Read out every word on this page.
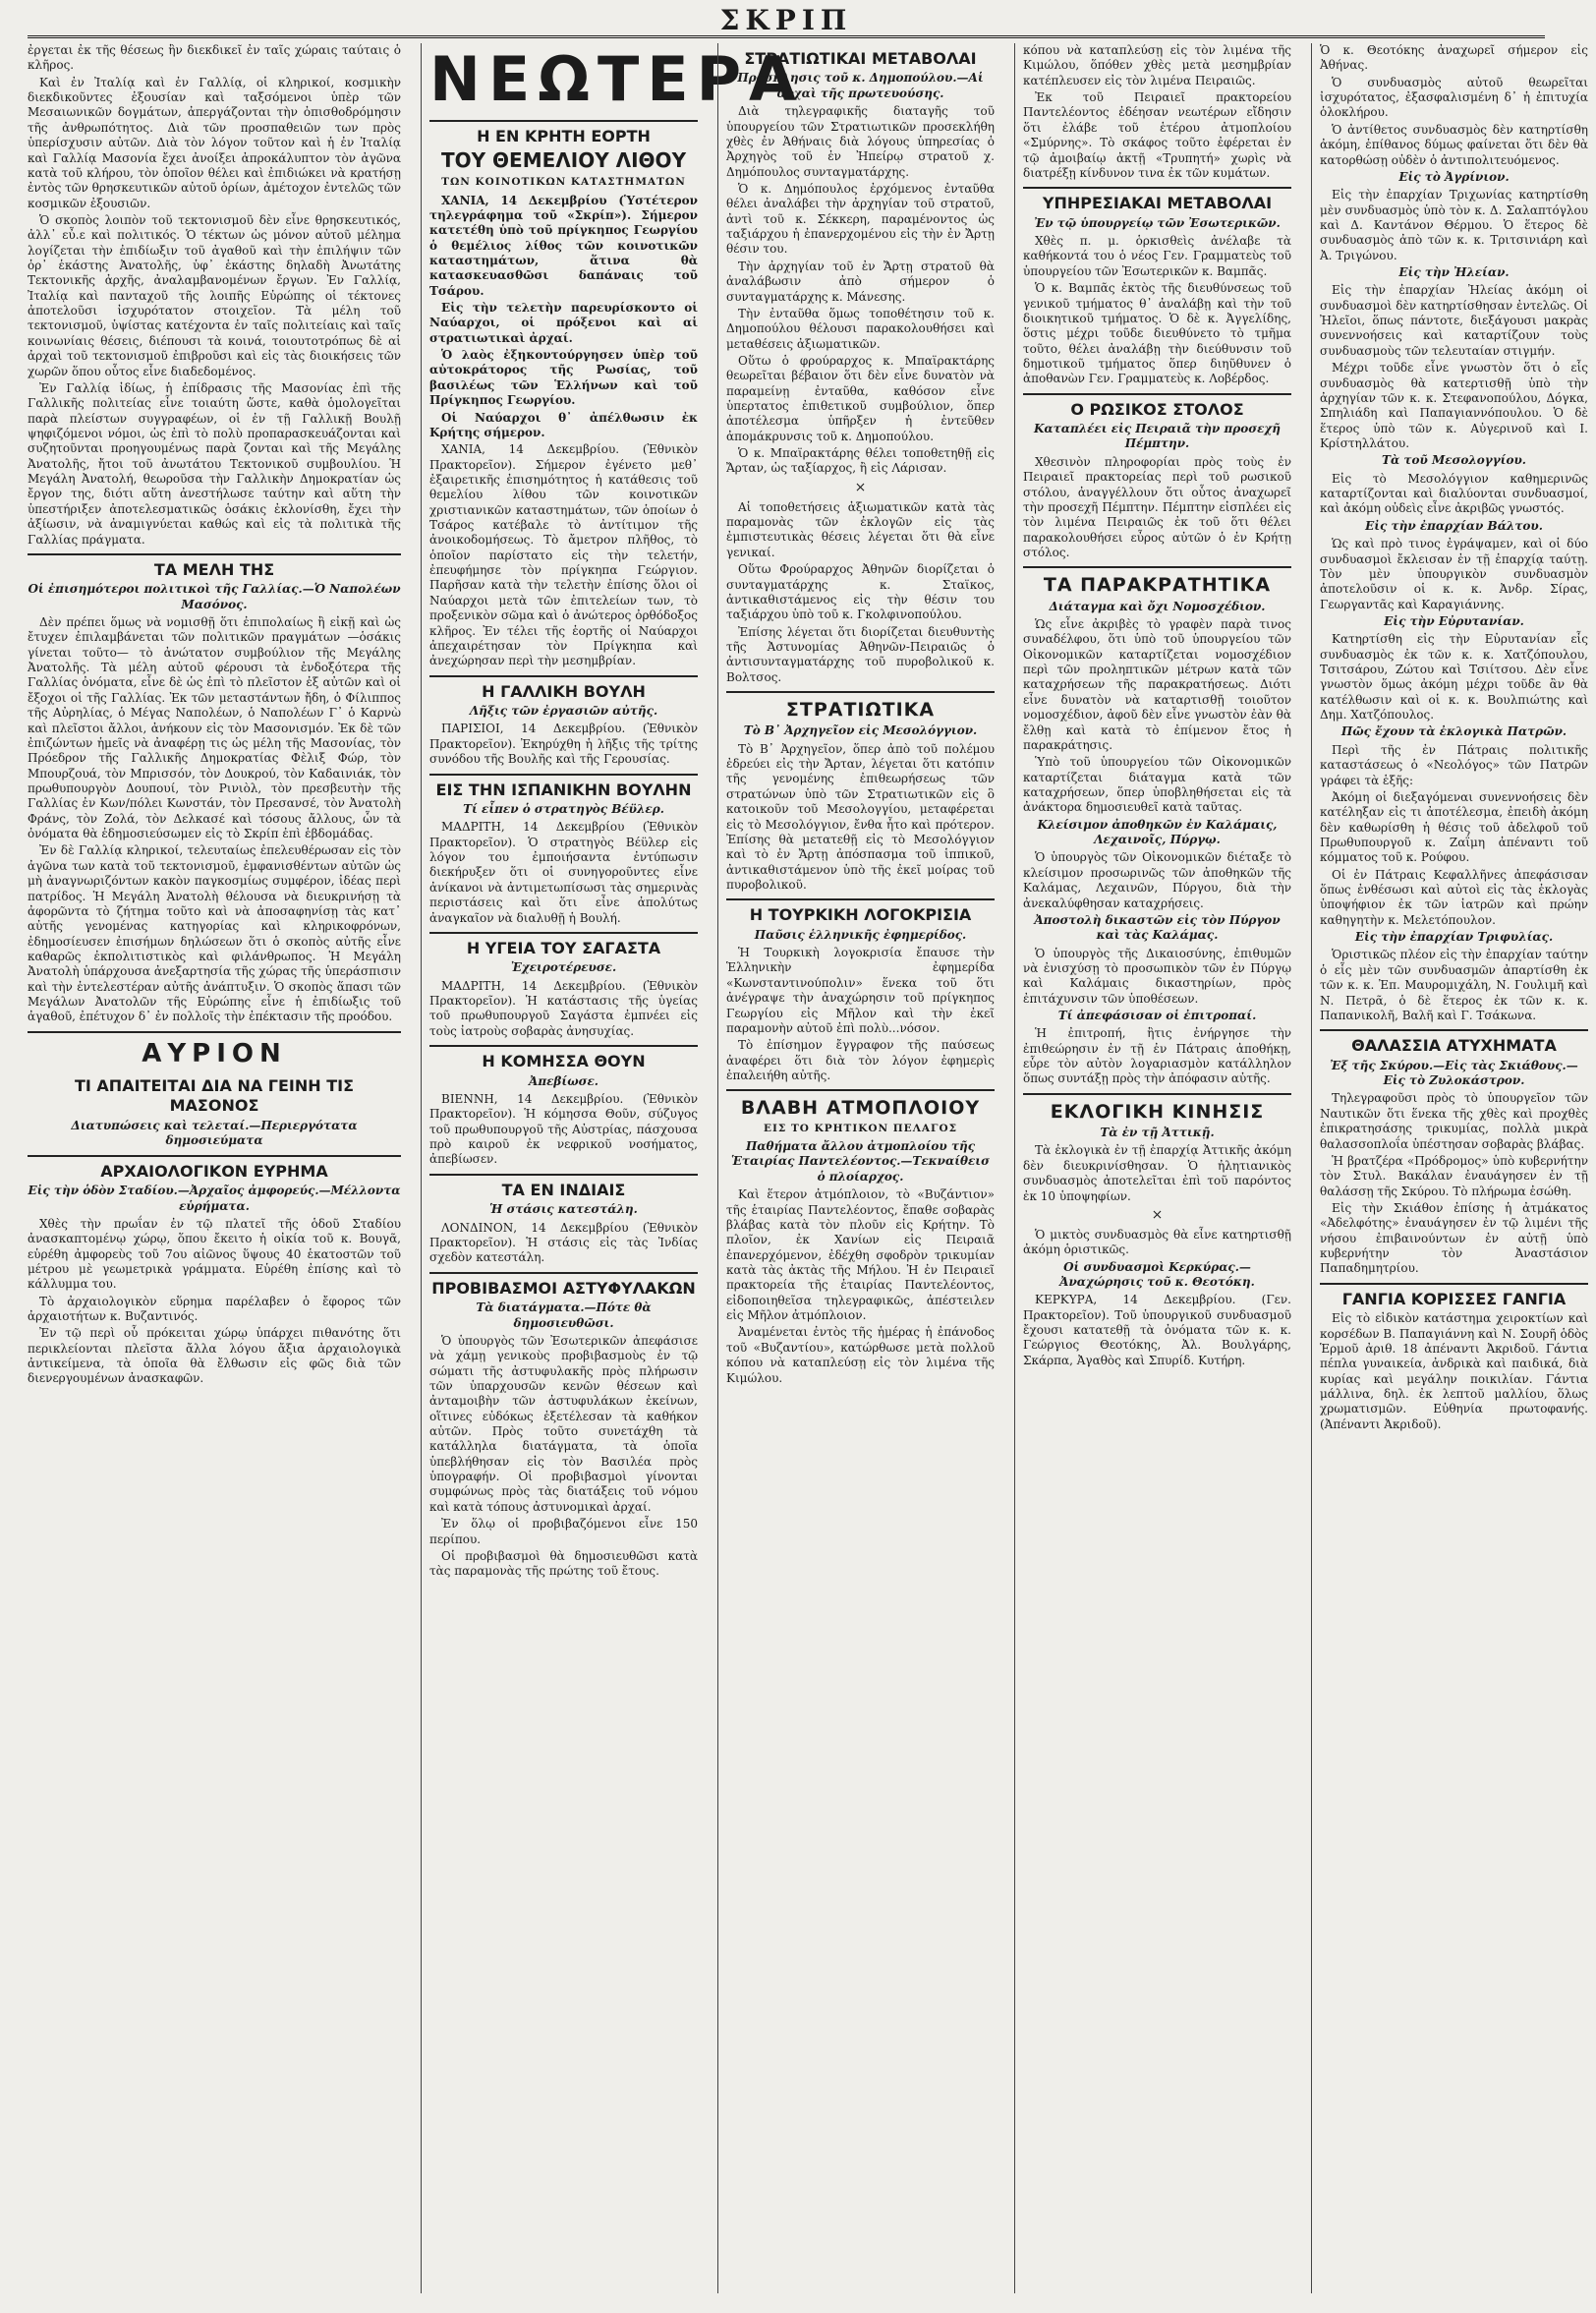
ΣΚΡΙΠ

ἐργεται ἐκ τῆς θέσεως ἣν διεκδικεῖ ἐν ταῖς χώραις ταύταις ὁ κλῆρος.

Καὶ ἐν Ἰταλίᾳ καὶ ἐν Γαλλίᾳ, οἱ κληρικοί, κοσμικὴν διεκδικοῦντες ἐξουσίαν καὶ ταξσόμενοι ὑπὲρ τῶν Μεσαιωνικῶν δογμάτων, ἀπεργάζονται τὴν ὀπισθοδρόμησιν τῆς ἀνθρωπότητος. Διὰ τῶν προσπαθειῶν των πρὸς ὑπερίσχυσιν αὐτῶν. Διὰ τὸν λόγον τοῦτον καὶ ἡ ἐν Ἰταλίᾳ καὶ Γαλλίᾳ Μασονία ἔχει ἀνοίξει ἀπροκάλυπτον τὸν ἀγῶνα κατὰ τοῦ κλήρου, τὸν ὁποῖον θέλει καὶ ἐπιδιώκει νὰ κρατήσῃ ἐντὸς τῶν θρησκευτικῶν αὐτοῦ ὁρίων, ἀμέτοχον ἐντελῶς τῶν κοσμικῶν ἐξουσιῶν.

Ὁ σκοπὸς λοιπὸν τοῦ τεκτονισμοῦ δὲν εἶνε θρησκευτικός, ἀλλ᾽ εὖ.ε καὶ πολιτικός. Ὁ τέκτων ὡς μόνον αὐτοῦ μέλημα λογίζεται τὴν ἐπιδίωξιν τοῦ ἀγαθοῦ καὶ τὴν ἐπιλήψιν τῶν ὁρ᾽ ἑκάστης Ἀνατολῆς, ὑφ᾽ ἑκάστης δηλαδὴ Ἀνωτάτης Τεκτονικῆς ἀρχῆς, ἀναλαμβανομένων ἔργων. Ἐν Γαλλίᾳ, Ἰταλίᾳ καὶ πανταχοῦ τῆς λοιπῆς Εὐρώπης οἱ τέκτονες ἀποτελοῦσι ἰσχυρότατον στοιχεῖον. Τὰ μέλη τοῦ τεκτονισμοῦ, ὑψίστας κατέχοντα ἐν ταῖς πολιτείαις καὶ ταῖς κοινωνίαις θέσεις, διέπουσι τὰ κοινά, τοιουτοτρόπως δὲ αἱ ἀρχαὶ τοῦ τεκτονισμοῦ ἐπιβροῦσι καὶ εἰς τὰς διοικήσεις τῶν χωρῶν ὅπου οὗτος εἶνε διαδεδομένος.

Ἐν Γαλλίᾳ ἰδίως, ἡ ἐπίδρασις τῆς Μασονίας ἐπὶ τῆς Γαλλικῆς πολιτείας εἶνε τοιαύτη ὥστε, καθὰ ὁμολογεῖται παρὰ πλείστων συγγραφέων, οἱ ἐν τῇ Γαλλικῇ Βουλῇ ψηφιζόμενοι νόμοι, ὡς ἐπὶ τὸ πολὺ προπαρασκευάζονται καὶ συζητοῦνται προηγουμένως παρὰ ζονται καὶ τῆς Μεγάλης Ἀνατολῆς, ἤτοι τοῦ ἀνωτάτου Τεκτονικοῦ συμβουλίου. Ἡ Μεγάλη Ἀνατολή, θεωροῦσα τὴν Γαλλικὴν Δημοκρατίαν ὡς ἔργον της, διότι αὕτη ἀνεστήλωσε ταύτην καὶ αὕτη τὴν ὑπεστήριξεν ἀποτελεσματικῶς ὁσάκις ἐκλονίσθη, ἔχει τὴν ἀξίωσιν, νὰ ἀναμιγνύεται καθώς καὶ εἰς τὰ πολιτικὰ τῆς Γαλλίας πράγματα.

ΤΑ ΜΕΛΗ ΤΗΣ
Οἱ ἐπισημότεροι πολιτικοὶ τῆς Γαλλίας.—Ὁ Ναπολέων Μασόνος.

Δὲν πρέπει ὅμως νὰ νομισθῇ ὅτι ἐπιπολαίως ἢ εἰκῇ καὶ ὡς ἔτυχεν ἐπιλαμβάνεται τῶν πολιτικῶν πραγμάτων —ὁσάκις γίνεται τοῦτο— τὸ ἀνώτατον συμβούλιον τῆς Μεγάλης Ἀνατολῆς. Τὰ μέλη αὐτοῦ φέρουσι τὰ ἐνδοξότερα τῆς Γαλλίας ὀνόματα, εἶνε δὲ ὡς ἐπὶ τὸ πλεῖστον ἐξ αὐτῶν καὶ οἱ ἔξοχοι οἱ τῆς Γαλλίας. Ἐκ τῶν μεταστάντων ἤδη, ὁ Φίλιππος τῆς Αὐρηλίας, ὁ Μέγας Ναπολέων, ὁ Ναπολέων Γ᾽ ὁ Καρνὼ καὶ πλεῖστοι ἄλλοι, ἀνήκουν εἰς τὸν Μασονισμόν. Ἐκ δὲ τῶν ἐπιζώντων ἡμεῖς νὰ ἀναφέρῃ τις ὡς μέλη τῆς Μασονίας, τὸν Πρόεδρον τῆς Γαλλικῆς Δημοκρατίας Φὲλιξ Φώρ, τὸν Μπουρζουά, τὸν Μπρισσόν, τὸν Δουκρού, τὸν Καδαινιάκ, τὸν πρωθυπουργὸν Δουπουί, τὸν Ρινιὸλ, τὸν πρεσβευτὴν τῆς Γαλλίας ἐν Κων/πόλει Κωνστάν, τὸν Πρεσανσέ, τὸν Ἀνατολὴ Φράνς, τὸν Ζολά, τὸν Δελκασέ καὶ τόσους ἄλλους, ὧν τὰ ὀνόματα θὰ ἐδημοσιεύσωμεν εἰς τὸ Σκρίπ ἐπὶ ἑβδομάδας.

Ἐν δὲ Γαλλίᾳ κληρικοί, τελευταίως ἐπελευθέρωσαν εἰς τὸν ἀγῶνα των κατὰ τοῦ τεκτονισμοῦ, ἐμφανισθέντων αὐτῶν ὡς μὴ ἀναγνωριζόντων κακὸν παγκοσμίως συμφέρον, ἰδέας περὶ πατρίδος. Ἡ Μεγάλη Ἀνατολὴ θέλουσα νὰ διευκρινήσῃ τὰ ἀφορῶντα τὸ ζήτημα τοῦτο καὶ νὰ ἀποσαφηνίσῃ τὰς κατ᾽ αὐτῆς γενομένας κατηγορίας καὶ κληρικοφρόνων, ἐδημοσίευσεν ἐπισήμων δηλώσεων ὅτι ὁ σκοπὸς αὐτῆς εἶνε καθαρῶς ἐκπολιτιστικὸς καὶ φιλάνθρωπος. Ἡ Μεγάλη Ἀνατολὴ ὑπάρχουσα ἀνεξαρτησία τῆς χώρας τῆς ὑπεράσπισιν καὶ τὴν ἐντελεστέραν αὐτῆς ἀνάπτυξιν. Ὁ σκοπὸς ἅπασι τῶν Μεγάλων Ἀνατολῶν τῆς Εὐρώπης εἶνε ἡ ἐπιδίωξις τοῦ ἀγαθοῦ, ἐπέτυχον δ᾽ ἐν πολλοῖς τὴν ἐπέκτασιν τῆς προόδου.

ΑΥΡΙΟΝ
ΤΙ ΑΠΑΙΤΕΙΤΑΙ ΔΙΑ ΝΑ ΓΕΙΝΗ ΤΙΣ ΜΑΣΟΝΟΣ
Διατυπώσεις καὶ τελεταί.—Περιεργότατα δημοσιεύματα
ΑΡΧΑΙΟΛΟΓΙΚΟΝ ΕΥΡΗΜΑ
Εἰς τὴν ὁδὸν Σταδίου.—Ἀρχαῖος ἀμφορεύς.—Μέλλοντα εὑρήματα.

Χθὲς τὴν πρωΐαν ἐν τῷ πλατεῖ τῆς ὁδοῦ Σταδίου ἀνασκαπτομένῳ χώρῳ, ὅπου ἔκειτο ἡ οἰκία τοῦ κ. Βουγᾶ, εὑρέθη ἀμφορεὺς τοῦ 7ου αἰῶνος ὕψους 40 ἑκατοστῶν τοῦ μέτρου μὲ γεωμετρικὰ γράμματα. Εὑρέθη ἐπίσης καὶ τὸ κάλλυμμα του.

Τὸ ἀρχαιολογικὸν εὕρημα παρέλαβεν ὁ ἔφορος τῶν ἀρχαιοτήτων κ. Βυζαντινός.

Ἐν τῷ περὶ οὗ πρόκειται χώρῳ ὑπάρχει πιθανότης ὅτι περικλείονται πλεῖστα ἄλλα λόγου ἄξια ἀρχαιολογικὰ ἀντικείμενα, τὰ ὁποῖα θὰ ἔλθωσιν εἰς φῶς διὰ τῶν διενεργουμένων ἀνασκαφῶν.

ΝΕΩΤΕΡΑ
Η ΕΝ ΚΡΗΤΗ ΕΟΡΤΗ
ΤΟΥ ΘΕΜΕΛΙΟΥ ΛΙΘΟΥ
ΤΩΝ ΚΟΙΝΟΤΙΚΩΝ ΚΑΤΑΣΤΗΜΑΤΩΝ

ΧΑΝΙΑ, 14 Δεκεμβρίου (Ὑστέτερον τηλεγράφημα τοῦ «Σκρίπ»). Σήμερον κατετέθη ὑπὸ τοῦ πρίγκηπος Γεωργίου ὁ θεμέλιος λίθος τῶν κοινοτικῶν καταστημάτων, ἅτινα θὰ κατασκευασθῶσι δαπάναις τοῦ Τσάρου.

Εἰς τὴν τελετὴν παρευρίσκοντο οἱ Ναύαρχοι, οἱ πρόξενοι καὶ αἱ στρατιωτικαὶ ἀρχαί.

Ὁ λαὸς ἐξηκοντούργησεν ὑπὲρ τοῦ αὐτοκράτορος τῆς Ρωσίας, τοῦ βασιλέως τῶν Ἑλλήνων καὶ τοῦ Πρίγκηπος Γεωργίου.

Οἱ Ναύαρχοι θ᾽ ἀπέλθωσιν ἐκ Κρήτης σήμερον.

ΧΑΝΙΑ, 14 Δεκεμβρίου. (Ἐθνικὸν Πρακτορεῖον). Σήμερον ἐγένετο μεθ᾽ ἐξαιρετικῆς ἐπισημότητος ἡ κατάθεσις τοῦ θεμελίου λίθου τῶν κοινοτικῶν χριστιανικῶν καταστημάτων, τῶν ὁποίων ὁ Τσάρος κατέβαλε τὸ ἀντίτιμον τῆς ἀνοικοδομήσεως. Τὸ ἄμετρον πλῆθος, τὸ ὁποῖον παρίστατο εἰς τὴν τελετήν, ἐπευφήμησε τὸν πρίγκηπα Γεώργιον. Παρῆσαν κατὰ τὴν τελετὴν ἐπίσης ὅλοι οἱ Ναύαρχοι μετὰ τῶν ἐπιτελείων των, τὸ προξενικὸν σῶμα καὶ ὁ ἀνώτερος ὀρθόδοξος κλῆρος. Ἐν τέλει τῆς ἑορτῆς οἱ Ναύαρχοι ἀπεχαιρέτησαν τὸν Πρίγκηπα καὶ ἀνεχώρησαν περὶ τὴν μεσημβρίαν.

Η ΓΑΛΛΙΚΗ ΒΟΥΛΗ
Λῆξις τῶν ἐργασιῶν αὐτῆς.

ΠΑΡΙΣΙΟΙ, 14 Δεκεμβρίου. (Ἐθνικὸν Πρακτορεῖον). Ἐκηρύχθη ἡ λῆξις τῆς τρίτης συνόδου τῆς Βουλῆς καὶ τῆς Γερουσίας.

ΕΙΣ ΤΗΝ ΙΣΠΑΝΙΚΗΝ ΒΟΥΛΗΝ
Τί εἶπεν ὁ στρατηγὸς Βέϋλερ.

ΜΑΔΡΙΤΗ, 14 Δεκεμβρίου (Ἐθνικὸν Πρακτορεῖον). Ὁ στρατηγὸς Βέϋλερ εἰς λόγον του ἐμποιήσαντα ἐντύπωσιν διεκήρυξεν ὅτι οἱ συνηγοροῦντες εἶνε ἀνίκανοι νὰ ἀντιμετωπίσωσι τὰς σημερινὰς περιστάσεις καὶ ὅτι εἶνε ἀπολύτως ἀναγκαῖον νὰ διαλυθῇ ἡ Βουλή.

Η ΥΓΕΙΑ ΤΟΥ ΣΑΓΑΣΤΑ
Ἐχειροτέρευσε.

ΜΑΔΡΙΤΗ, 14 Δεκεμβρίου. (Ἐθνικὸν Πρακτορεῖον). Ἡ κατάστασις τῆς ὑγείας τοῦ πρωθυπουργοῦ Σαγάστα ἐμπνέει εἰς τοὺς ἰατροὺς σοβαρὰς ἀνησυχίας.

Η ΚΟΜΗΣΣΑ ΘΟΥΝ
Ἀπεβίωσε.

ΒΙΕΝΝΗ, 14 Δεκεμβρίου. (Ἐθνικὸν Πρακτορεῖον). Ἡ κόμησσα Θοῦν, σύζυγος τοῦ πρωθυπουργοῦ τῆς Αὐστρίας, πάσχουσα πρὸ καιροῦ ἐκ νεφρικοῦ νοσήματος, ἀπεβίωσεν.

ΤΑ ΕΝ ΙΝΔΙΑΙΣ
Ἡ στάσις κατεστάλη.

ΛΟΝΔΙΝΟΝ, 14 Δεκεμβρίου (Ἐθνικὸν Πρακτορεῖον). Ἡ στάσις εἰς τὰς Ἰνδίας σχεδὸν κατεστάλη.

ΠΡΟΒΙΒΑΣΜΟΙ ΑΣΤΥΦΥΛΑΚΩΝ
Τὰ διατάγματα.—Πότε θὰ δημοσιευθῶσι.

Ὁ ὑπουργὸς τῶν Ἐσωτερικῶν ἀπεφάσισε νὰ χάμῃ γενικοὺς προβιβασμοὺς ἐν τῷ σώματι τῆς ἀστυφυλακῆς πρὸς πλήρωσιν τῶν ὑπαρχουσῶν κενῶν θέσεων καὶ ἀνταμοιβὴν τῶν ἀστυφυλάκων ἐκείνων, οἵτινες εὐδόκως ἐξετέλεσαν τὰ καθήκον αὐτῶν. Πρὸς τοῦτο συνετάχθη τὰ κατάλληλα διατάγματα, τὰ ὁποῖα ὑπεβλήθησαν εἰς τὸν Βασιλέα πρὸς ὑπογραφήν. Οἱ προβιβασμοὶ γίνονται συμφώνως πρὸς τὰς διατάξεις τοῦ νόμου καὶ κατὰ τόπους ἀστυνομικαὶ ἀρχαί.

Ἐν ὅλῳ οἱ προβιβαζόμενοι εἶνε 150 περίπου.

Οἱ προβιβασμοὶ θὰ δημοσιευθῶσι κατὰ τὰς παραμονὰς τῆς πρώτης τοῦ ἔτους.

ΣΤΡΑΤΙΩΤΙΚΑΙ ΜΕΤΑΒΟΛΑΙ
Πρόσκλησις τοῦ κ. Δημοπούλου.—Αἱ ἀρχαὶ τῆς πρωτευούσης.

Διὰ τηλεγραφικῆς διαταγῆς τοῦ ὑπουργείου τῶν Στρατιωτικῶν προσεκλήθη χθὲς ἐν Ἀθήναις διὰ λόγους ὑπηρεσίας ὁ Ἀρχηγὸς τοῦ ἐν Ἠπείρῳ στρατοῦ χ. Δημόπουλος συνταγματάρχης.

Ὁ κ. Δημόπουλος ἐρχόμενος ἐνταῦθα θέλει ἀναλάβει τὴν ἀρχηγίαν τοῦ στρατοῦ, ἀντὶ τοῦ κ. Σέκκερη, παραμένοντος ὡς ταξιάρχου ἡ ἐπανερχομένου εἰς τὴν ἐν Ἄρτῃ θέσιν του.

Τὴν ἀρχηγίαν τοῦ ἐν Ἄρτῃ στρατοῦ θὰ ἀναλάβωσιν ἀπὸ σήμερον ὁ συνταγματάρχης κ. Μάνεσης.

Τὴν ἐνταῦθα ὅμως τοποθέτησιν τοῦ κ. Δημοπούλου θέλουσι παρακολουθήσει καὶ μεταθέσεις ἀξιωματικῶν.

Οὕτω ὁ φρούραρχος κ. Μπαϊρακτάρης θεωρεῖται βέβαιον ὅτι δὲν εἶνε δυνατὸν νὰ παραμείνῃ ἐνταῦθα, καθόσον εἶνε ὑπερτατος ἐπιθετικοῦ συμβούλιον, ὅπερ ἀποτέλεσμα ὑπῆρξεν ἡ ἐντεῦθεν ἀπομάκρυνσις τοῦ κ. Δημοπούλου.

Ὁ κ. Μπαϊρακτάρης θέλει τοποθετηθῇ εἰς Ἄρταν, ὡς ταξίαρχος, ἢ εἰς Λάρισαν.

×

Αἱ τοποθετήσεις ἀξιωματικῶν κατὰ τὰς παραμονὰς τῶν ἐκλογῶν εἰς τὰς ἐμπιστευτικὰς θέσεις λέγεται ὅτι θὰ εἶνε γενικαί.

Οὕτω Φρούραρχος Ἀθηνῶν διορίζεται ὁ συνταγματάρχης κ. Σταϊκος, ἀντικαθιστάμενος εἰς τὴν θέσιν του ταξιάρχου ὑπὸ τοῦ κ. Γκολφινοπούλου.

Ἐπίσης λέγεται ὅτι διορίζεται διευθυντὴς τῆς Ἀστυνομίας Ἀθηνῶν-Πειραιῶς ὁ ἀντισυνταγματάρχης τοῦ πυροβολικοῦ κ. Βολτσος.

ΣΤΡΑΤΙΩΤΙΚΑ
Τὸ Β᾽ Ἀρχηγεῖον εἰς Μεσολόγγιον.

Τὸ Β᾽ Ἀρχηγεῖον, ὅπερ ἀπὸ τοῦ πολέμου ἐδρεύει εἰς τὴν Ἄρταν, λέγεται ὅτι κατόπιν τῆς γενομένης ἐπιθεωρήσεως τῶν στρατώνων ὑπὸ τῶν Στρατιωτικῶν εἰς ὃ κατοικοῦν τοῦ Μεσολογγίου, μεταφέρεται εἰς τὸ Μεσολόγγιον, ἔνθα ἦτο καὶ πρότερον. Ἐπίσης θὰ μετατεθῇ εἰς τὸ Μεσολόγγιον καὶ τὸ ἐν Ἄρτῃ ἀπόσπασμα τοῦ ἱππικοῦ, ἀντικαθιστάμενον ὑπὸ τῆς ἐκεῖ μοίρας τοῦ πυροβολικοῦ.

Η ΤΟΥΡΚΙΚΗ ΛΟΓΟΚΡΙΣΙΑ
Παῦσις ἑλληνικῆς ἐφημερίδος.

Ἡ Τουρκικὴ λογοκρισία ἔπαυσε τὴν Ἑλληνικὴν ἐφημερίδα «Κωνσταντινούπολιν» ἕνεκα τοῦ ὅτι ἀνέγραψε τὴν ἀναχώρησιν τοῦ πρίγκηπος Γεωργίου εἰς Μῆλον καὶ τὴν ἐκεῖ παραμονὴν αὐτοῦ ἐπὶ πολὺ...νόσον.

Τὸ ἐπίσημον ἔγγραφον τῆς παύσεως ἀναφέρει ὅτι διὰ τὸν λόγον ἐφημερὶς ἐπαλειήθη αὐτῆς.

ΒΛΑΒΗ ΑΤΜΟΠΛΟΙΟΥ
ΕΙΣ ΤΟ ΚΡΗΤΙΚΟΝ ΠΕΛΑΓΟΣ
Παθήματα ἄλλου ἀτμοπλοίου τῆς Ἑταιρίας Παντελέοντος.—Τεκναίθεισ ὁ πλοίαρχος.

Καὶ ἕτερον ἀτμόπλοιον, τὸ «Βυζάντιον» τῆς ἑταιρίας Παντελέοντος, ἔπαθε σοβαρὰς βλάβας κατὰ τὸν πλοῦν εἰς Κρήτην. Τὸ πλοῖον, ἐκ Χανίων εἰς Πειραιᾶ ἐπανερχόμενον, ἐδέχθη σφοδρὸν τρικυμίαν κατὰ τὰς ἀκτὰς τῆς Μήλου. Ἡ ἐν Πειραιεῖ πρακτορεία τῆς ἑταιρίας Παντελέοντος, εἰδοποιηθεῖσα τηλεγραφικῶς, ἀπέστειλεν εἰς Μῆλον ἀτμόπλοιον.

Ἀναμένεται ἐντὸς τῆς ἡμέρας ἡ ἐπάνοδος τοῦ «Βυζαντίου», κατώρθωσε μετὰ πολλοῦ κόπου νὰ καταπλεύσῃ εἰς τὸν λιμένα τῆς Κιμώλου.

κόπου νὰ καταπλεύσῃ εἰς τὸν λιμένα τῆς Κιμώλου, ὅπόθεν χθὲς μετὰ μεσημβρίαν κατέπλευσεν εἰς τὸν λιμένα Πειραιῶς.

Ἐκ τοῦ Πειραιεῖ πρακτορείου Παντελέοντος ἐδέησαν νεωτέρων εἴδησιν ὅτι ἐλάβε τοῦ ἑτέρου ἀτμοπλοίου «Σμύρνης». Τὸ σκάφος τοῦτο ἐφέρεται ἐν τῷ ἀμοιβαίῳ ἀκτῇ «Τρυπητή» χωρὶς νὰ διατρέξῃ κίνδυνον τινα ἐκ τῶν κυμάτων.

ΥΠΗΡΕΣΙΑΚΑΙ ΜΕΤΑΒΟΛΑΙ
Ἐν τῷ ὑπουργείῳ τῶν Ἐσωτερικῶν.

Χθὲς π. μ. ὁρκισθεὶς ἀνέλαβε τὰ καθήκοντά του ὁ νέος Γεν. Γραμματεὺς τοῦ ὑπουργείου τῶν Ἐσωτερικῶν κ. Βαμπᾶς.

Ὁ κ. Βαμπᾶς ἐκτὸς τῆς διευθύνσεως τοῦ γενικοῦ τμήματος θ᾽ ἀναλάβῃ καὶ τὴν τοῦ διοικητικοῦ τμήματος. Ὁ δὲ κ. Ἀγγελίδης, ὅστις μέχρι τοῦδε διευθύνετο τὸ τμῆμα τοῦτο, θέλει ἀναλάβῃ τὴν διεύθυνσιν τοῦ δημοτικοῦ τμήματος ὅπερ διηῦθυνεν ὁ ἀποθανὼν Γεν. Γραμματεὺς κ. Λοβέρδος.

Ο ΡΩΣΙΚΟΣ ΣΤΟΛΟΣ
Καταπλέει εἰς Πειραιᾶ τὴν προσεχῆ Πέμπτην.

Χθεσινὸν πληροφορίαι πρὸς τοὺς ἐν Πειραιεῖ πρακτορείας περὶ τοῦ ρωσικοῦ στόλου, ἀναγγέλλουν ὅτι οὗτος ἀναχωρεῖ τὴν προσεχῆ Πέμπτην. Πέμπτην εἰσπλέει εἰς τὸν λιμένα Πειραιῶς ἐκ τοῦ ὅτι θέλει παρακολουθήσει εὖρος αὐτῶν ὁ ἐν Κρήτῃ στόλος.

ΤΑ ΠΑΡΑΚΡΑΤΗΤΙΚΑ
Διάταγμα καὶ ὄχι Νομοσχέδιον.

Ὡς εἶνε ἀκριβὲς τὸ γραφὲν παρὰ τινος συναδέλφου, ὅτι ὑπὸ τοῦ ὑπουργείου τῶν Οἰκονομικῶν καταρτίζεται νομοσχέδιον περὶ τῶν προληπτικῶν μέτρων κατὰ τῶν καταχρήσεων τῆς παρακρατήσεως. Διότι εἶνε δυνατὸν νὰ καταρτισθῇ τοιοῦτον νομοσχέδιον, ἀφοῦ δὲν εἶνε γνωστὸν ἐὰν θὰ ἔλθῃ καὶ κατὰ τὸ ἐπίμενον ἔτος ἡ παρακράτησις.

Ὑπὸ τοῦ ὑπουργείου τῶν Οἰκονομικῶν καταρτίζεται διάταγμα κατὰ τῶν καταχρήσεων, ὅπερ ὑποβληθήσεται εἰς τὰ ἀνάκτορα δημοσιευθεῖ κατὰ ταῦτας.

Κλείσιμον ἀποθηκῶν ἐν Καλάμαις, Λεχαινοῖς, Πύργῳ.

Ὁ ὑπουργὸς τῶν Οἰκονομικῶν διέταξε τὸ κλείσιμον προσωρινῶς τῶν ἀποθηκῶν τῆς Καλάμας, Λεχαινῶν, Πύργου, διὰ τὴν ἀνεκαλύφθησαν καταχρήσεις.

Ἀποστολὴ δικαστῶν εἰς τὸν Πύργον καὶ τὰς Καλάμας.

Ὁ ὑπουργὸς τῆς Δικαιοσύνης, ἐπιθυμῶν νὰ ἐνισχύσῃ τὸ προσωπικὸν τῶν ἐν Πύργῳ καὶ Καλάμαις δικαστηρίων, πρὸς ἐπιτάχυνσιν τῶν ὑποθέσεων.

Τί ἀπεφάσισαν οἱ ἐπιτροπαί.

Ἡ ἐπιτροπή, ἣτις ἐνήργησε τὴν ἐπιθεώρησιν ἐν τῇ ἐν Πάτραις ἀποθήκῃ, εὗρε τὸν αὐτὸν λογαριασμὸν κατάλληλον ὅπως συντάξῃ πρὸς τὴν ἀπόφασιν αὐτῆς.

ΕΚΛΟΓΙΚΗ ΚΙΝΗΣΙΣ
Τὰ ἐν τῇ Ἀττικῇ.

Τὰ ἐκλογικὰ ἐν τῇ ἐπαρχίᾳ Ἀττικῆς ἀκόμη δὲν διευκρινίσθησαν. Ὁ ἠλητιανικὸς συνδυασμὸς ἀποτελεῖται ἐπὶ τοῦ παρόντος ἐκ 10 ὑποψηφίων.

×

Ὁ μικτὸς συνδυασμὸς θὰ εἶνε κατηρτισθῇ ἀκόμη ὁριστικῶς.

Οἱ συνδυασμοὶ Κερκύρας.—Ἀναχώρησις τοῦ κ. Θεοτόκη.

ΚΕΡΚΥΡΑ, 14 Δεκεμβρίου. (Γεν. Πρακτορεῖον). Τοῦ ὑπουργικοῦ συνδυασμοῦ ἔχουσι κατατεθῇ τὰ ὀνόματα τῶν κ. κ. Γεώργιος Θεοτόκης, Ἀλ. Βουλγάρης, Σκάρπα, Ἀγαθὸς καὶ Σπυρίδ. Κυτήρη.

Ὁ κ. Θεοτόκης ἀναχωρεῖ σήμερον εἰς Ἀθήνας.

Ὁ συνδυασμὸς αὐτοῦ θεωρεῖται ἰσχυρότατος, ἐξασφαλισμένη δ᾽ ἡ ἐπιτυχία ὁλοκλήρου.

Ὁ ἀντίθετος συνδυασμὸς δὲν κατηρτίσθη ἀκόμη, ἐπίθανος δύμως φαίνεται ὅτι δὲν θὰ κατορθώσῃ οὐδὲν ὁ ἀντιπολιτευόμενος.

Εἰς τὸ Ἀγρίνιον.

Εἰς τὴν ἐπαρχίαν Τριχωνίας κατηρτίσθη μὲν συνδυασμὸς ὑπὸ τὸν κ. Δ. Σαλαπτόγλου καὶ Δ. Καντάνον Θέρμου. Ὁ ἕτερος δὲ συνδυασμὸς ἀπὸ τῶν κ. κ. Τριτσινιάρη καὶ Ἀ. Τριγώνου.

Εἰς τὴν Ἠλείαν.

Εἰς τὴν ἐπαρχίαν Ἠλείας ἀκόμη οἱ συνδυασμοὶ δὲν κατηρτίσθησαν ἐντελῶς. Οἱ Ἠλεῖοι, ὅπως πάντοτε, διεξάγουσι μακρὰς συνεννοήσεις καὶ καταρτίζουν τοὺς συνδυασμοὺς τῶν τελευταίαν στιγμήν.

Μέχρι τοῦδε εἶνε γνωστὸν ὅτι ὁ εἷς συνδυασμὸς θὰ κατερτισθῇ ὑπὸ τὴν ἀρχηγίαν τῶν κ. κ. Στεφανοπούλου, Δόγκα, Σπηλιάδη καὶ Παπαγιαννόπουλου. Ὁ δὲ ἕτερος ὑπὸ τῶν κ. Αὐγερινοῦ καὶ Ι. Κρίστηλλάτου.

Τὰ τοῦ Μεσολογγίου.

Εἰς τὸ Μεσολόγγιον καθημερινῶς καταρτίζονται καὶ διαλύονται συνδυασμοί, καὶ ἀκόμη οὐδεὶς εἶνε ἀκριβῶς γνωστός.

Εἰς τὴν ἐπαρχίαν Βάλτου.

Ὡς καὶ πρὸ τινος ἐγράψαμεν, καὶ οἱ δύο συνδυασμοὶ ἔκλεισαν ἐν τῇ ἐπαρχίᾳ ταύτῃ. Τὸν μὲν ὑπουργικὸν συνδυασμὸν ἀποτελοῦσιν οἱ κ. κ. Ἀνδρ. Σίρας, Γεωργαντᾶς καὶ Καραγιάννης.

Εἰς τὴν Εὐρυτανίαν.

Κατηρτίσθη εἰς τὴν Εὐρυτανίαν εἷς συνδυασμὸς ἐκ τῶν κ. κ. Χατζόπουλου, Τσιτσάρου, Ζώτου καὶ Τσιίτσου. Δὲν εἶνε γνωστὸν ὅμως ἀκόμη μέχρι τοῦδε ἂν θὰ κατέλθωσιν καὶ οἱ κ. κ. Βουλπιώτης καὶ Δημ. Χατζόπουλος.

Πῶς ἔχουν τὰ ἐκλογικὰ Πατρῶν.

Περὶ τῆς ἐν Πάτραις πολιτικῆς καταστάσεως ὁ «Νεολόγος» τῶν Πατρῶν γράφει τὰ ἑξῆς:

Ἀκόμη οἱ διεξαγόμεναι συνεννοήσεις δὲν κατέληξαν εἰς τι ἀποτέλεσμα, ἐπειδὴ ἀκόμη δὲν καθωρίσθη ἡ θέσις τοῦ ἀδελφοῦ τοῦ Πρωθυπουργοῦ κ. Ζαΐμη ἀπέναντι τοῦ κόμματος τοῦ κ. Ρούφου.

Οἱ ἐν Πάτραις Κεφαλλῆνες ἀπεφάσισαν ὅπως ἐνθέσωσι καὶ αὐτοὶ εἰς τὰς ἐκλογὰς ὑποψήφιον ἐκ τῶν ἰατρῶν καὶ πρώην καθηγητὴν κ. Μελετόπουλον.

Εἰς τὴν ἐπαρχίαν Τριφυλίας.

Ὁριστικῶς πλέον εἰς τὴν ἐπαρχίαν ταύτην ὁ εἷς μὲν τῶν συνδυασμῶν ἀπαρτίσθη ἐκ τῶν κ. κ. Ἐπ. Μαυρομιχάλη, Ν. Γουλιμῆ καὶ Ν. Πετρᾶ, ὁ δὲ ἕτερος ἐκ τῶν κ. κ. Παπανικολῆ, Βαλῆ καὶ Γ. Τσάκωνα.

ΘΑΛΑΣΣΙΑ ΑΤΥΧΗΜΑΤΑ
Ἐξ τῆς Σκύρου.—Εἰς τὰς Σκιάθους.—Εἰς τὸ Ζυλοκάστρον.

Τηλεγραφοῦσι πρὸς τὸ ὑπουργεῖον τῶν Ναυτικῶν ὅτι ἕνεκα τῆς χθὲς καὶ προχθὲς ἐπικρατησάσης τρικυμίας, πολλὰ μικρὰ θαλασσοπλοΐα ὑπέστησαν σοβαρὰς βλάβας.

Ἡ βρατζέρα «Πρόδρομος» ὑπὸ κυβερνήτην τὸν Στυλ. Βακάλαν ἐναυάγησεν ἐν τῇ θαλάσσῃ τῆς Σκύρου. Τὸ πλήρωμα ἐσώθη.

Εἰς τὴν Σκιάθον ἐπίσης ἡ ἀτμάκατος «Ἀδελφότης» ἐναυάγησεν ἐν τῷ λιμένι τῆς νήσου ἐπιβαινούντων ἐν αὐτῇ ὑπὸ κυβερνήτην τὸν Ἀναστάσιον Παπαδημητρίου.

ΓΑΝΓΙΑ ΚΟΡΙΣΣΕΣ ΓΑΝΓΙΑ

Εἰς τὸ εἰδικὸν κατάστημα χειροκτίων καὶ κορσέδων Β. Παπαγιάννη καὶ Ν. Σουρῆ ὁδὸς Ἑρμοῦ ἀριθ. 18 ἀπέναντι Ἀκριδοῦ. Γάντια πέπλα γυναικεία, ἀνδρικὰ καὶ παιδικά, διὰ κυρίας καὶ μεγάλην ποικιλίαν. Γάντια μάλλινα, δηλ. ἐκ λεπτοῦ μαλλίου, ὅλως χρωματισμῶν. Εὐθηνία πρωτοφανής. (Ἀπέναντι Ἀκριδοῦ).
